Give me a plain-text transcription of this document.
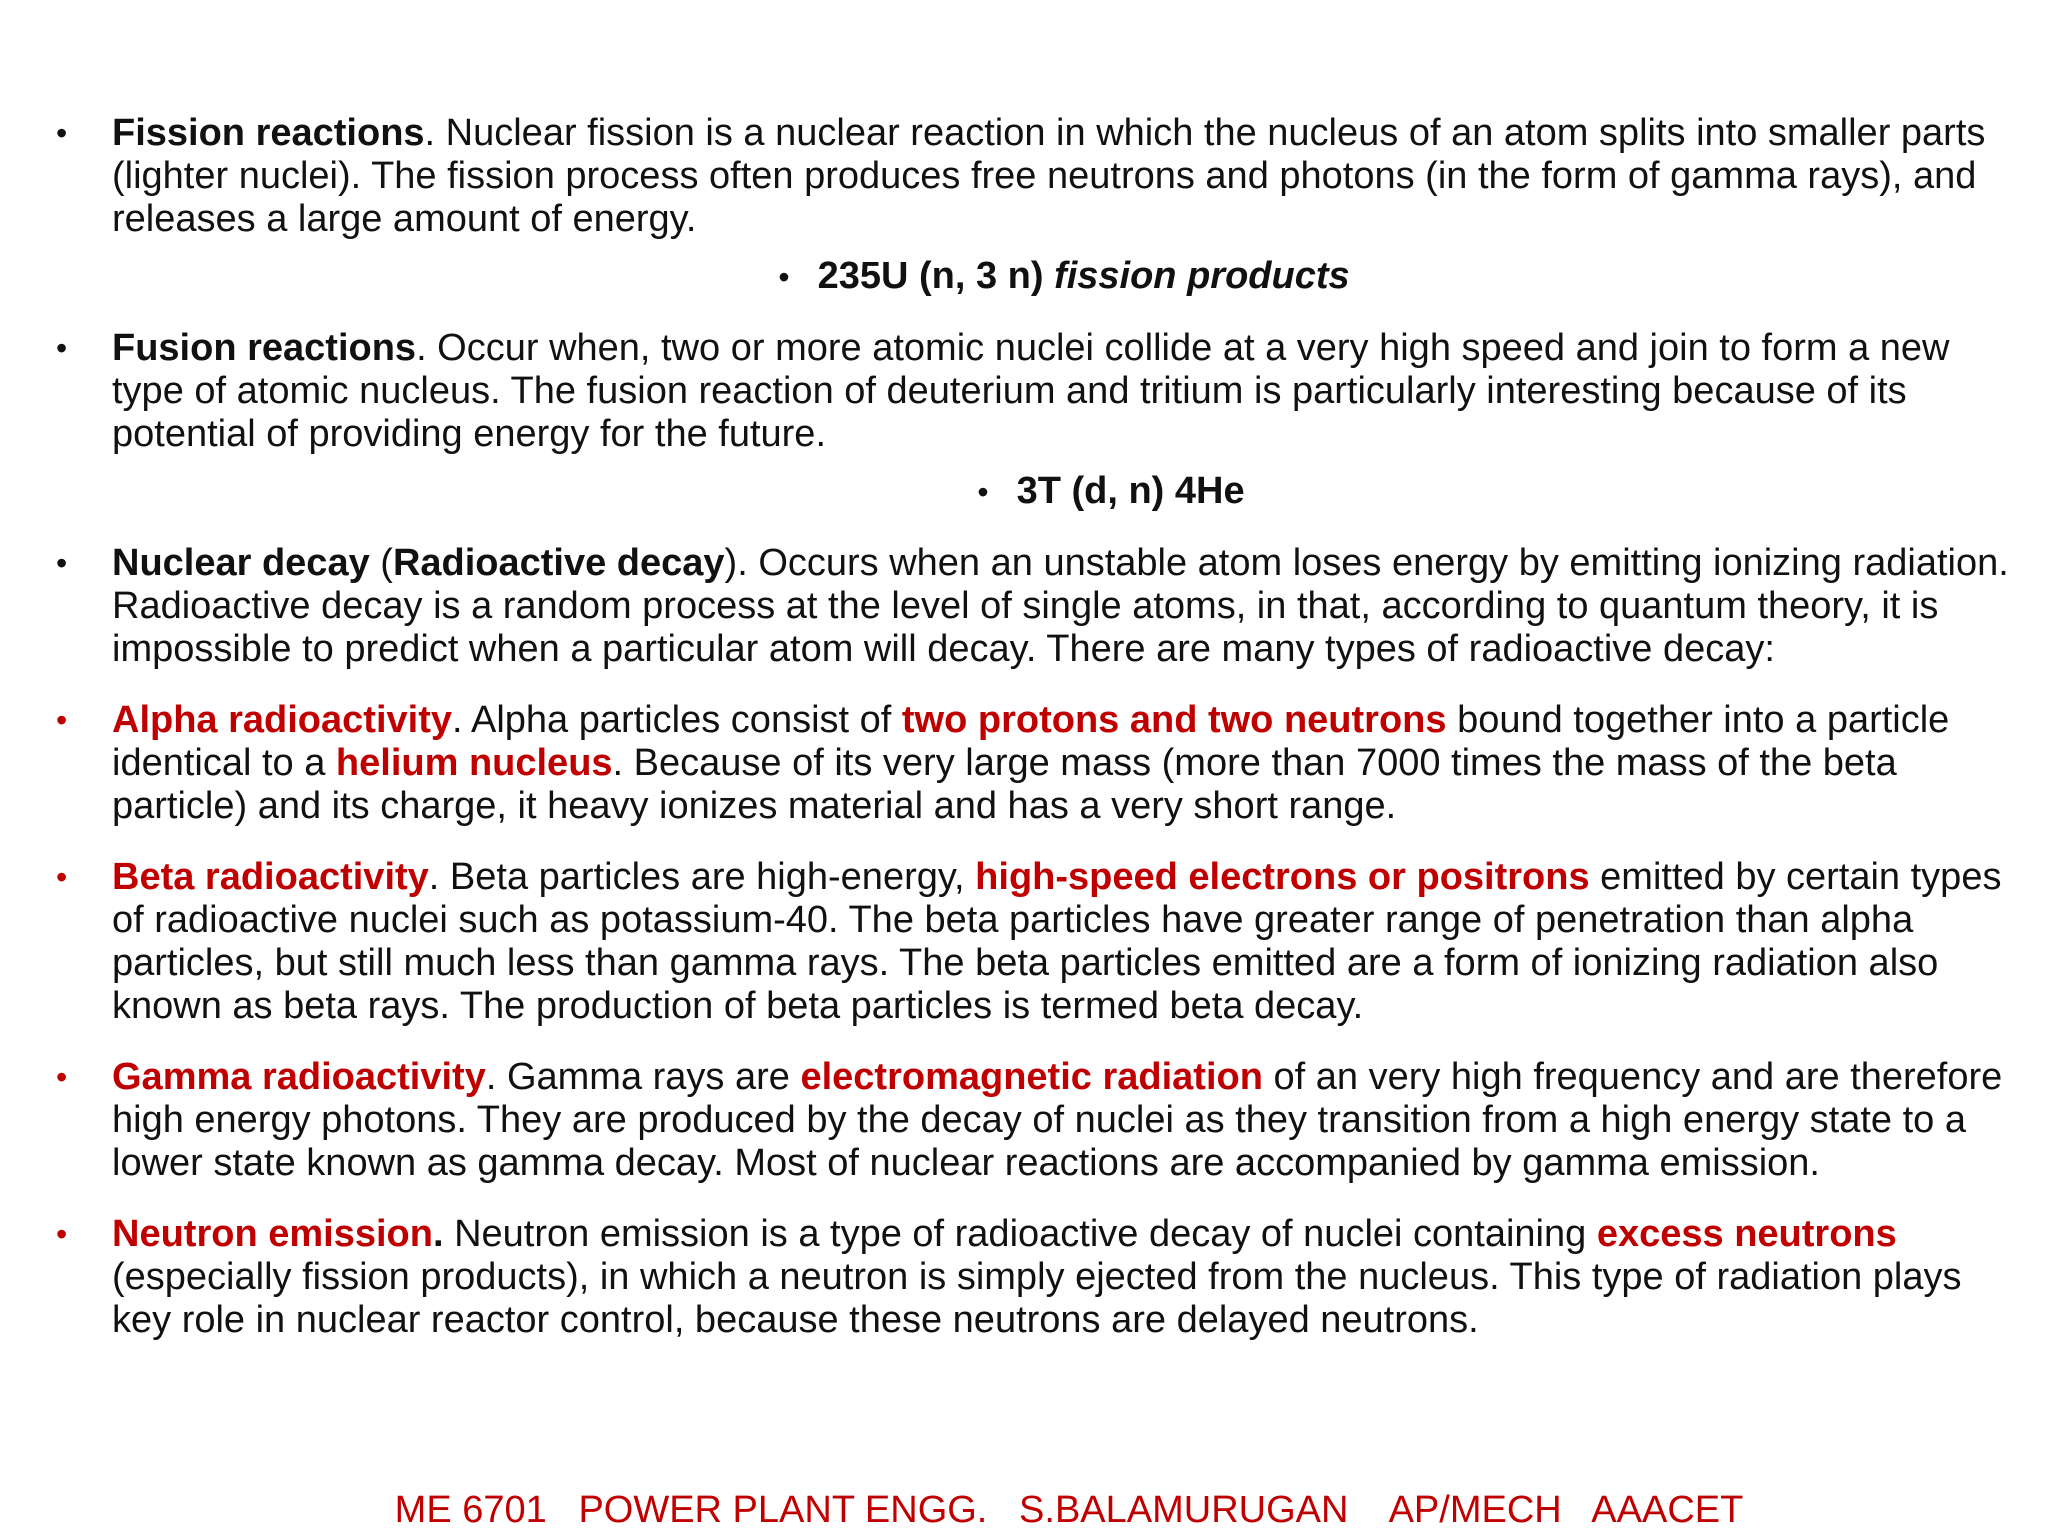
•	Fission reactions. Nuclear fission is a nuclear reaction in which the nucleus of an atom splits into smaller parts (lighter nuclei). The fission process often produces free neutrons and photons (in the form of gamma rays), and releases a large amount of energy.
• 235U (n, 3 n) fission products
•	Fusion reactions. Occur when, two or more atomic nuclei collide at a very high speed and join to form a new type of atomic nucleus. The fusion reaction of deuterium and tritium is particularly interesting because of its potential of providing energy for the future.
• 3T (d, n) 4He
•	Nuclear decay (Radioactive decay). Occurs when an unstable atom loses energy by emitting ionizing radiation. Radioactive decay is a random process at the level of single atoms, in that, according to quantum theory, it is impossible to predict when a particular atom will decay. There are many types of radioactive decay:
•	Alpha radioactivity. Alpha particles consist of two protons and two neutrons bound together into a particle identical to a helium nucleus. Because of its very large mass (more than 7000 times the mass of the beta particle) and its charge, it heavy ionizes material and has a very short range.
•	Beta radioactivity. Beta particles are high-energy, high-speed electrons or positrons emitted by certain types of radioactive nuclei such as potassium-40. The beta particles have greater range of penetration than alpha particles, but still much less than gamma rays. The beta particles emitted are a form of ionizing radiation also known as beta rays. The production of beta particles is termed beta decay.
•	Gamma radioactivity. Gamma rays are electromagnetic radiation of an very high frequency and are therefore high energy photons. They are produced by the decay of nuclei as they transition from a high energy state to a lower state known as gamma decay. Most of nuclear reactions are accompanied by gamma emission.
•	Neutron emission. Neutron emission is a type of radioactive decay of nuclei containing excess neutrons (especially fission products), in which a neutron is simply ejected from the nucleus. This type of radiation plays key role in nuclear reactor control, because these neutrons are delayed neutrons.
ME 6701   POWER PLANT ENGG.   S.BALAMURUGAN    AP/MECH   AAACET
